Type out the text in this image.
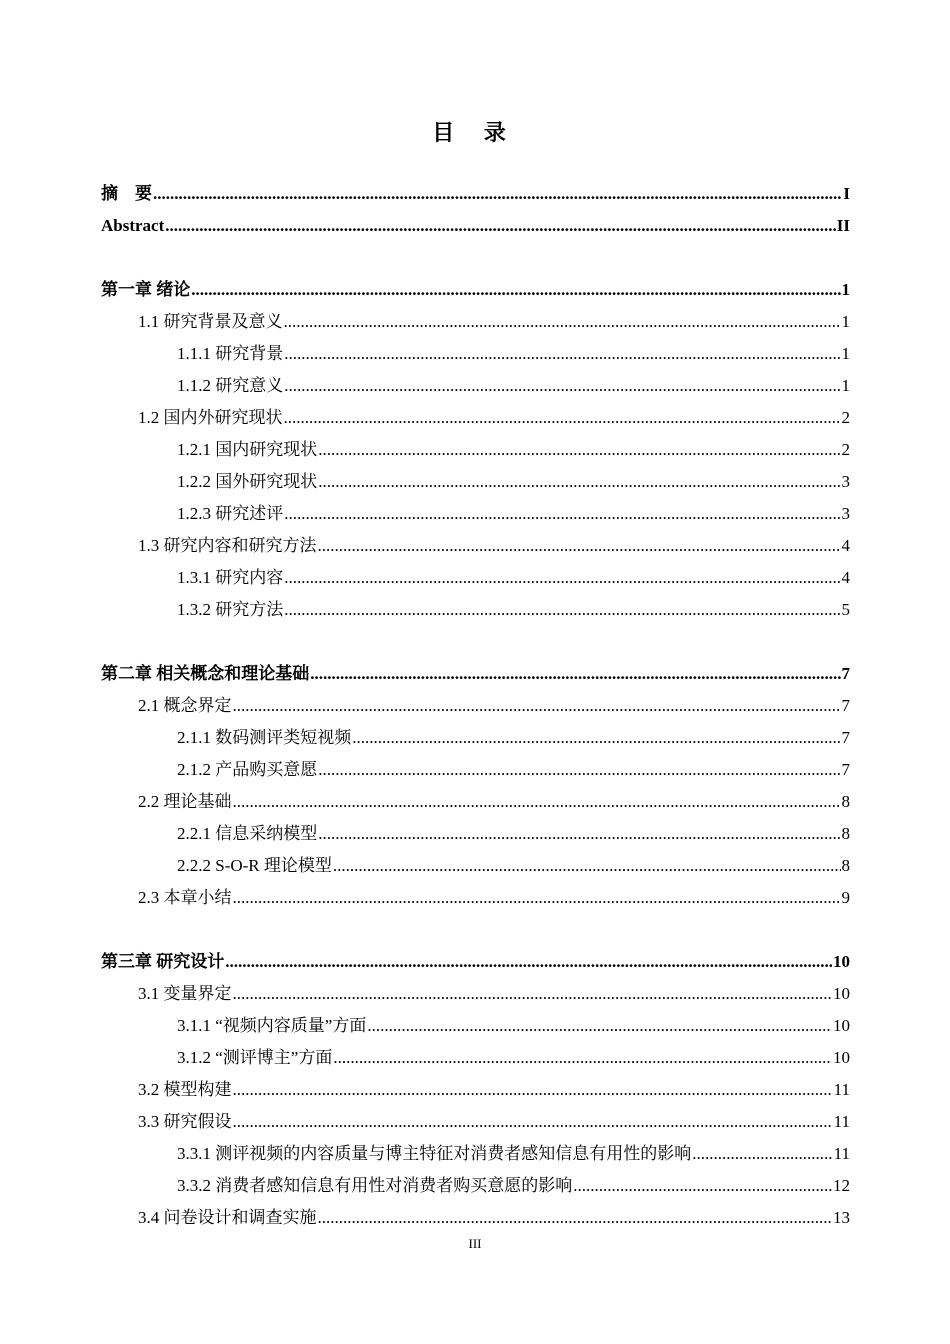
目 录
摘　要 .....	I
Abstract .....	II
第一章 绪论 .....	1
1.1 研究背景及意义 .....	1
1.1.1 研究背景 .....	1
1.1.2 研究意义 .....	1
1.2 国内外研究现状 .....	2
1.2.1 国内研究现状 .....	2
1.2.2 国外研究现状 .....	3
1.2.3 研究述评 .....	3
1.3 研究内容和研究方法 .....	4
1.3.1 研究内容 .....	4
1.3.2 研究方法 .....	5
第二章 相关概念和理论基础 .....	7
2.1 概念界定 .....	7
2.1.1 数码测评类短视频 .....	7
2.1.2 产品购买意愿 .....	7
2.2 理论基础 .....	8
2.2.1 信息采纳模型 .....	8
2.2.2 S-O-R 理论模型 .....	8
2.3 本章小结 .....	9
第三章 研究设计 .....	10
3.1 变量界定 .....	10
3.1.1 “视频内容质量”方面 .....	10
3.1.2 “测评博主”方面 .....	10
3.2 模型构建 .....	11
3.3 研究假设 .....	11
3.3.1 测评视频的内容质量与博主特征对消费者感知信息有用性的影响 .....	11
3.3.2 消费者感知信息有用性对消费者购买意愿的影响 .....	12
3.4 问卷设计和调查实施 .....	13
III
